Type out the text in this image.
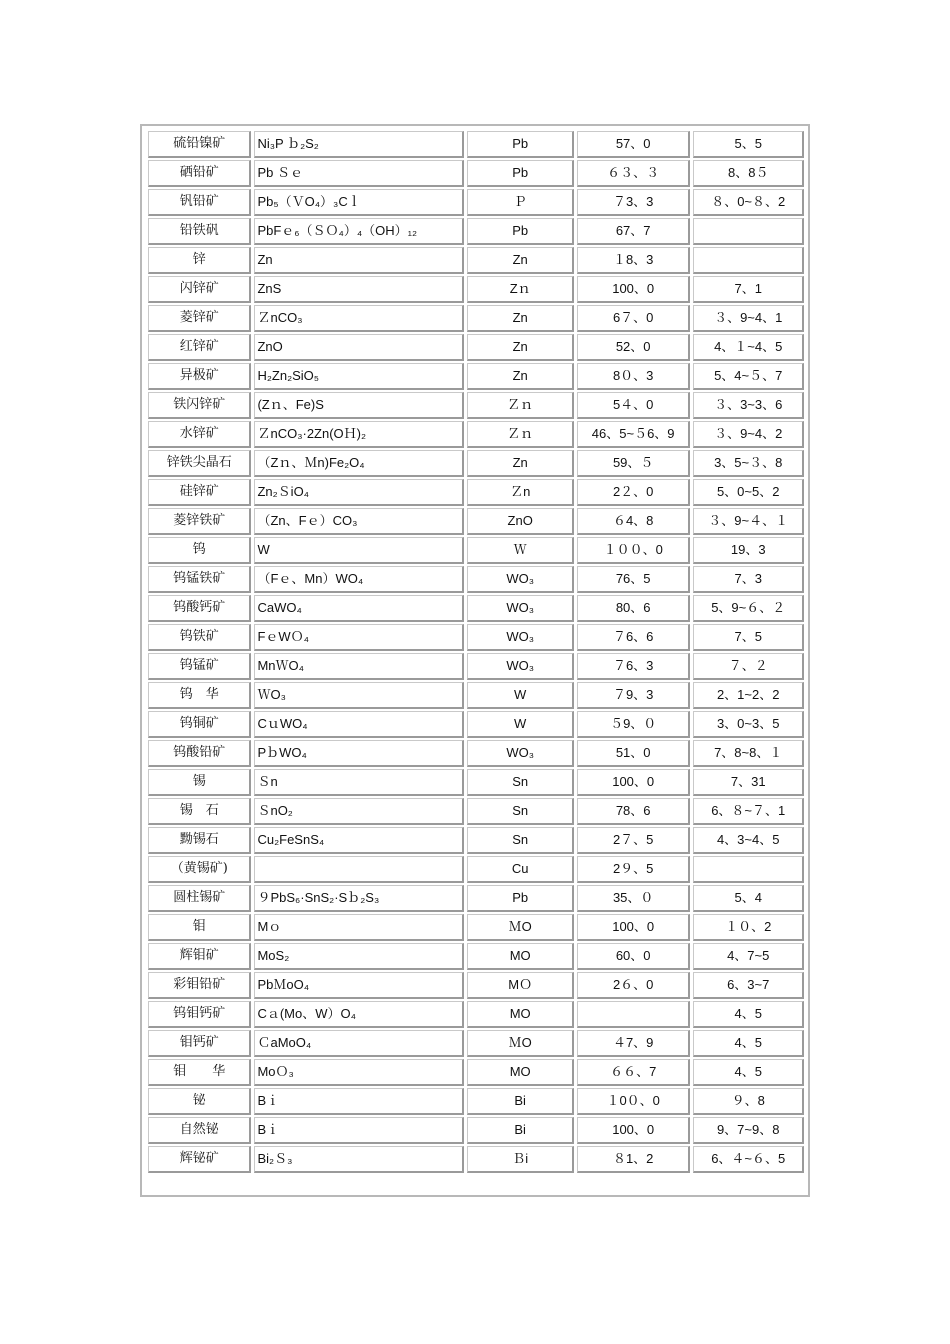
硫铅镍矿	Ni₃P ｂ₂S₂	Pb	57、0	5、5
硒铅矿	Pb Ｓｅ	Pb	６３、３	8、8５
钒铅矿	Pb₅（ＶO₄）₃Cｌ	Ｐ	７3、3	８、0~８、2
铅铁矾	PbFｅ₆（ＳＯ₄）₄（OH）₁₂	Pb	67、7	
锌	Zn	Zn	１8、3	
闪锌矿	ZnS	Zｎ	100、0	7、1
菱锌矿	ＺnCO₃	Zn	6７、0	３、9~4、1
红锌矿	ZnO	Zn	52、0	4、１~4、5
异极矿	H₂Zn₂SiO₅	Zn	8０、3	5、4~５、7
铁闪锌矿	(Zｎ、Fe)S	Ｚｎ	5４、0	３、3~3、6
水锌矿	ＺnCO₃·2Zn(OＨ)₂	Ｚｎ	46、5~５6、9	３、9~4、2
锌铁尖晶石	（Zｎ、Ｍn)Fe₂O₄	Zn	59、５	3、5~３、8
硅锌矿	Zn₂ＳiO₄	Ｚn	2２、0	5、0~5、2
菱锌铁矿	（Zn、Fｅ）CO₃	ZnO	６4、8	３、9~４、１
钨	W	Ｗ	１００、0	19、3
钨锰铁矿	（Fｅ、Mn）WO₄	WO₃	76、5	7、3
钨酸钙矿	CaWO₄	WO₃	80、6	5、9~６、２
钨铁矿	FｅWＯ₄	WO₃	７6、6	7、5
钨锰矿	MnＷO₄	WO₃	７6、3	７、２
钨　华	ＷO₃	W	７9、3	2、1~2、2
钨铜矿	CｕWO₄	W	５9、０	3、0~3、5
钨酸铅矿	PｂWO₄	WO₃	51、0	7、8~8、１
锡	Ｓn	Sn	100、0	7、31
锡　石	ＳnO₂	Sn	78、6	6、８~７、1
黝锡石	Cu₂FeSnS₄	Sn	2７、5	4、3~4、5
（黄锡矿)		Cu	2９、5	
圆柱锡矿	９PbS₆·SnS₂·Sｂ₂S₃	Pb	35、０	5、4
钼	Mｏ	ＭO	100、0	１０、2
辉钼矿	MoS₂	MO	60、0	4、7~5
彩钼铅矿	PbＭoO₄	MＯ	2６、0	6、3~7
钨钼钙矿	Cａ(Mo、W）O₄	MO		4、5
钼钙矿	ＣaMoO₄	ＭO	４7、9	4、5
钼　　华	MoＯ₃	MO	６６、7	4、5
铋	Bｉ	Bi	１0０、0	９、8
自然铋	Bｉ	Bi	100、0	9、7~9、8
辉铋矿	Bi₂Ｓ₃	Ｂi	８1、2	6、４~６、5
